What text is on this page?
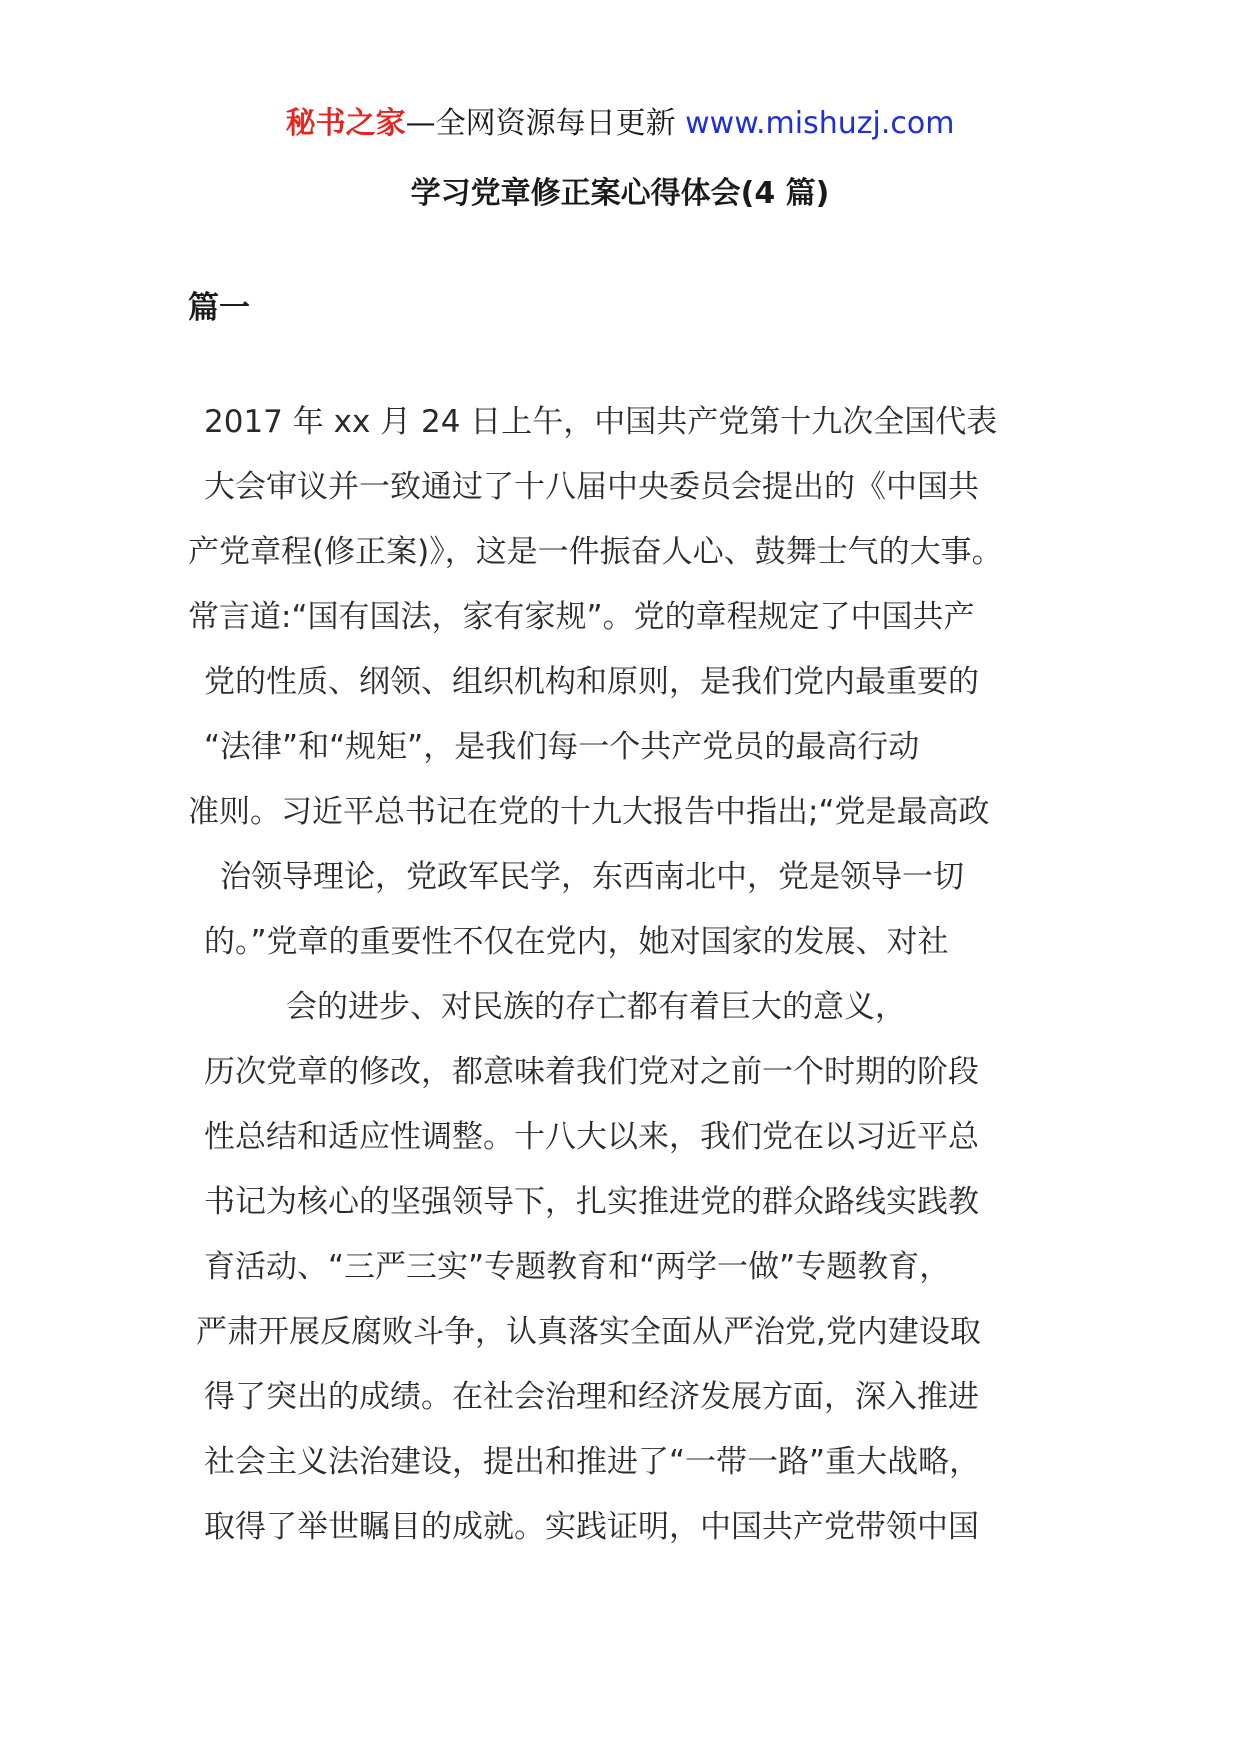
秘书之家—全网资源每日更新 www.mishuzj.com
学习党章修正案心得体会(4 篇)
篇一
2017 年 xx 月 24 日上午，中国共产党第十九次全国代表
大会审议并一致通过了十八届中央委员会提出的《中国共
产党章程(修正案)》，这是一件振奋人心、鼓舞士气的大事。
常言道:“国有国法，家有家规”。党的章程规定了中国共产
党的性质、纲领、组织机构和原则，是我们党内最重要的
“法律”和“规矩”，是我们每一个共产党员的最高行动
准则。习近平总书记在党的十九大报告中指出;“党是最高政
治领导理论，党政军民学，东西南北中，党是领导一切
的。”党章的重要性不仅在党内，她对国家的发展、对社
会的进步、对民族的存亡都有着巨大的意义，
历次党章的修改，都意味着我们党对之前一个时期的阶段
性总结和适应性调整。十八大以来，我们党在以习近平总
书记为核心的坚强领导下，扎实推进党的群众路线实践教
育活动、“三严三实”专题教育和“两学一做”专题教育，
严肃开展反腐败斗争，认真落实全面从严治党,党内建设取
得了突出的成绩。在社会治理和经济发展方面，深入推进
社会主义法治建设，提出和推进了“一带一路”重大战略，
取得了举世瞩目的成就。实践证明，中国共产党带领中国
